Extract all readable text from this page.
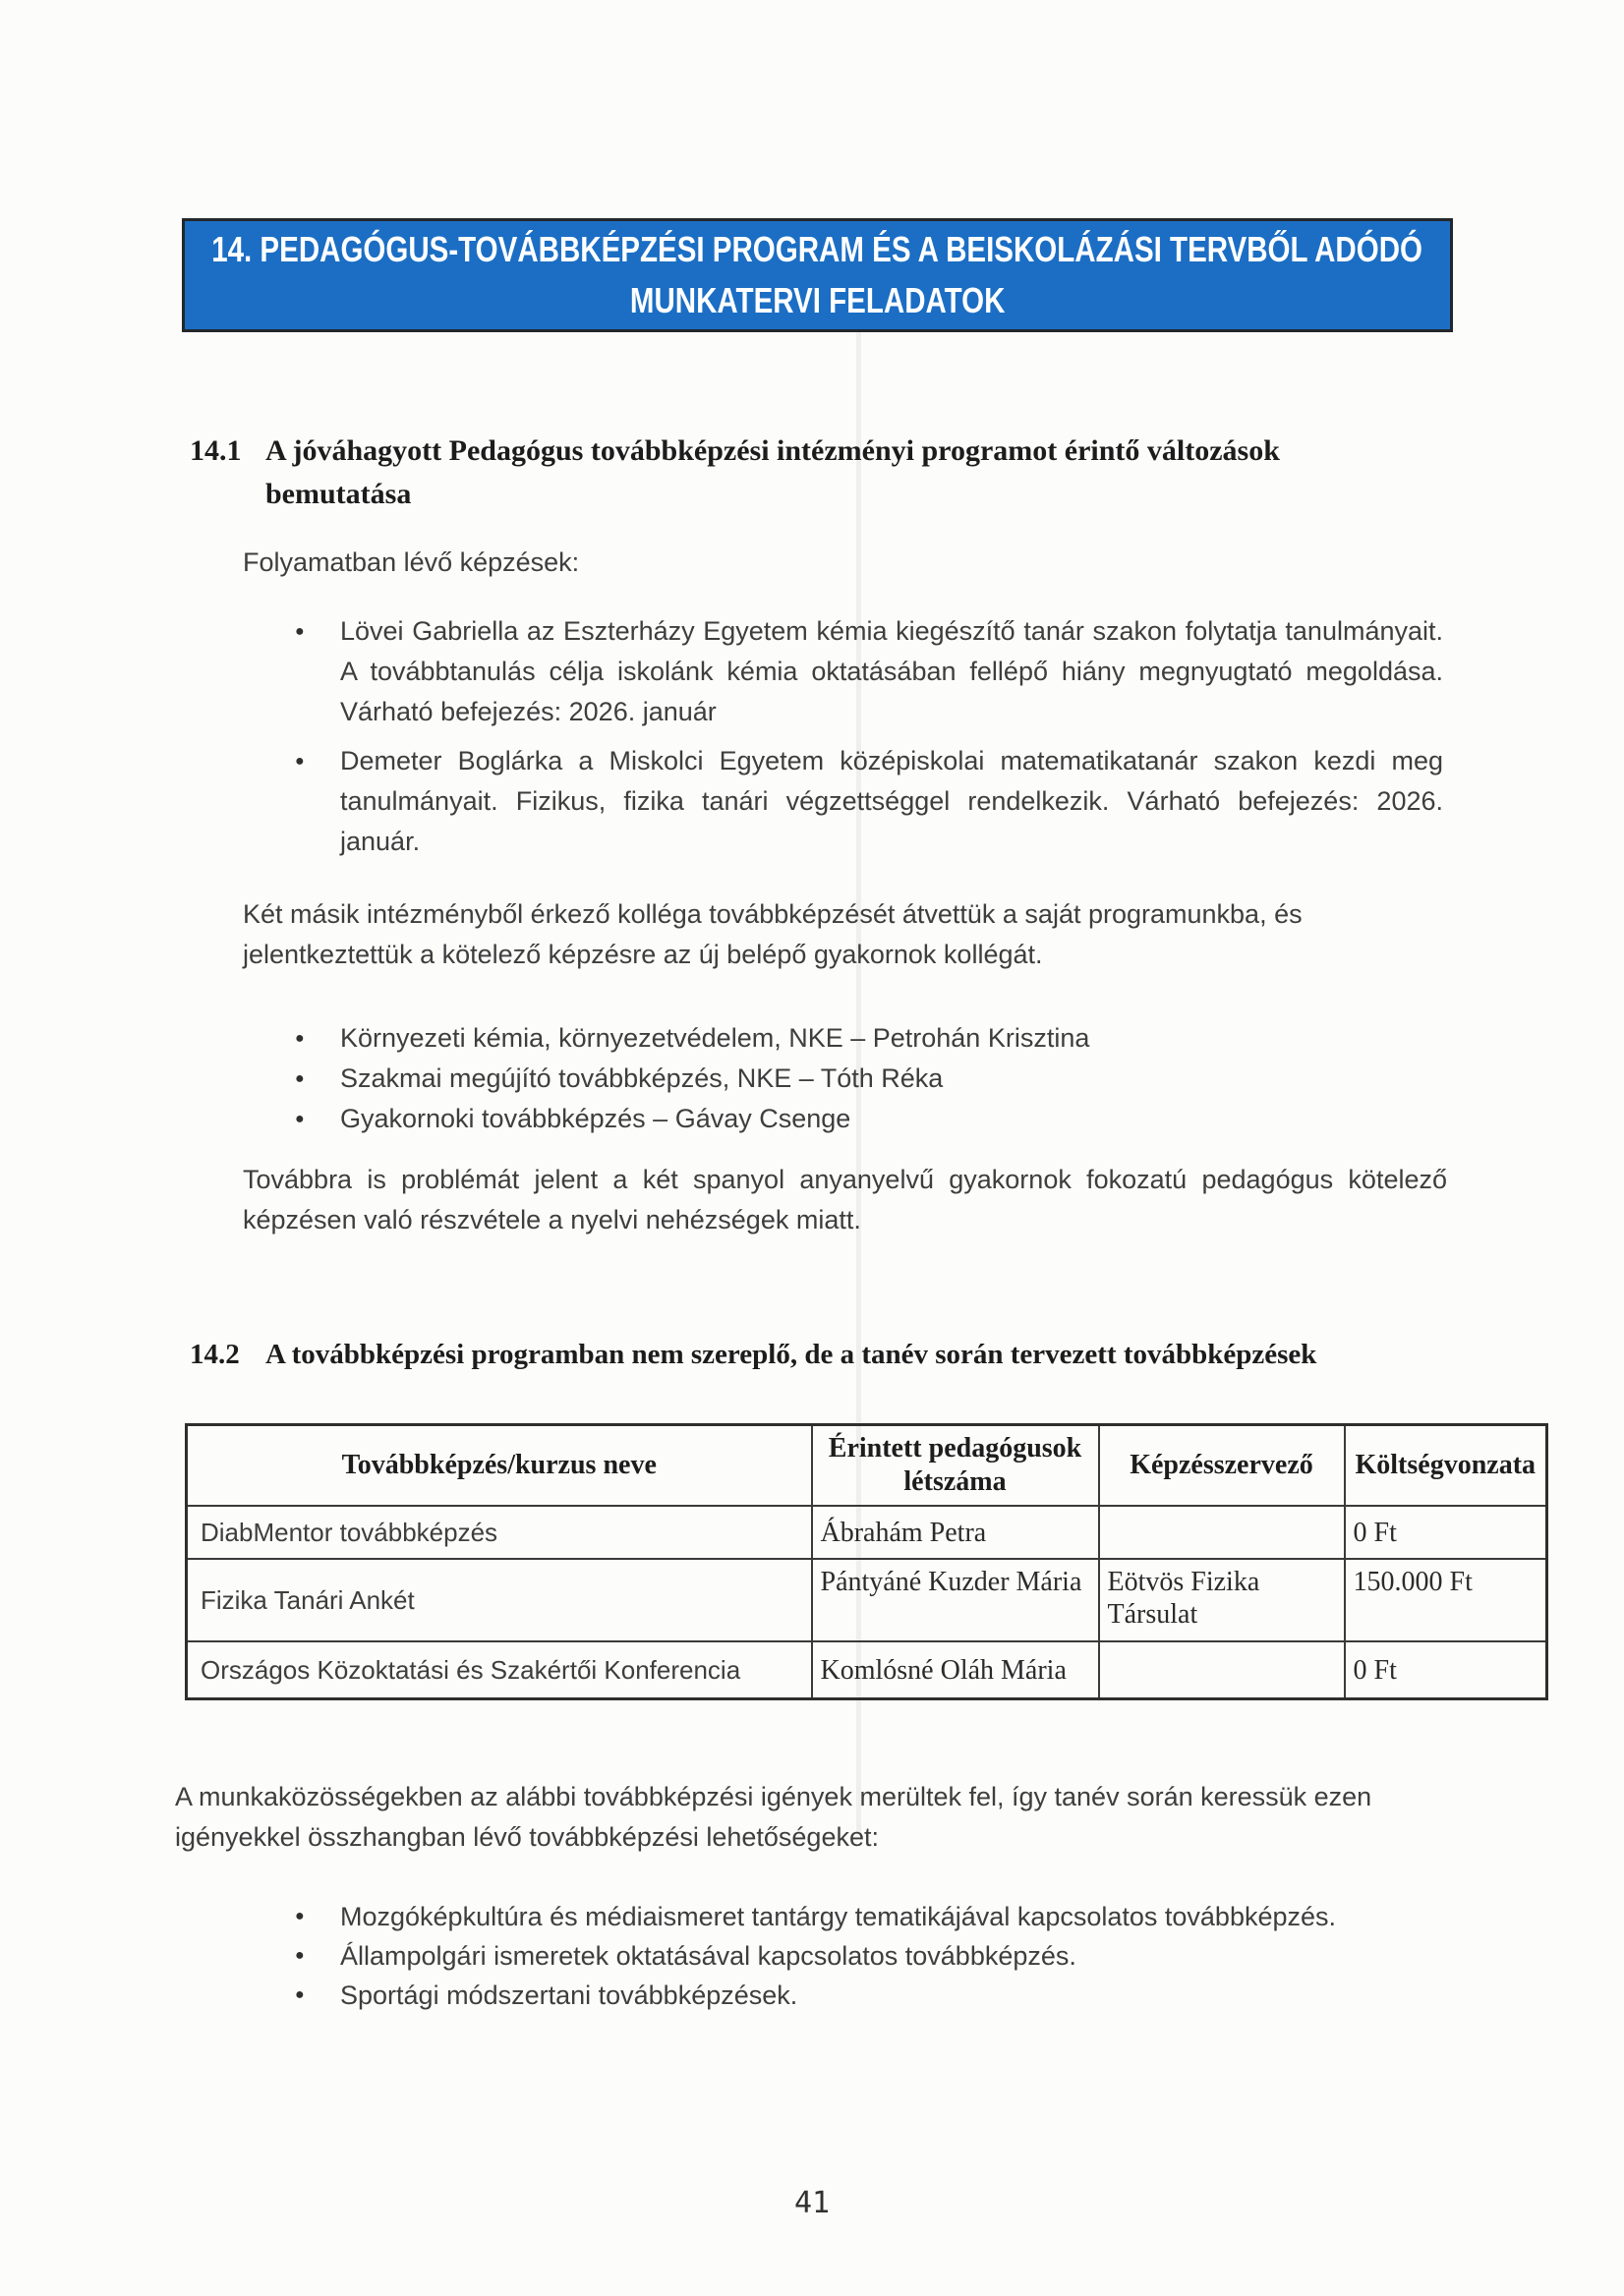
14. PEDAGÓGUS-TOVÁBBKÉPZÉSI PROGRAM ÉS A BEISKOLÁZÁSI TERVBŐL ADÓDÓ
MUNKATERVI FELADATOK
14.1 A jóváhagyott Pedagógus továbbképzési intézményi programot érintő változások bemutatása
Folyamatban lévő képzések:
●	Lövei Gabriella az Eszterházy Egyetem kémia kiegészítő tanár szakon folytatja tanulmányait. A továbbtanulás célja iskolánk kémia oktatásában fellépő hiány megnyugtató megoldása. Várható befejezés: 2026. január
●	Demeter Boglárka a Miskolci Egyetem középiskolai matematikatanár szakon kezdi meg tanulmányait. Fizikus, fizika tanári végzettséggel rendelkezik. Várható befejezés: 2026. január.
Két másik intézményből érkező kolléga továbbképzését átvettük a saját programunkba, és jelentkeztettük a kötelező képzésre az új belépő gyakornok kollégát.
●	Környezeti kémia, környezetvédelem, NKE – Petrohán Krisztina
●	Szakmai megújító továbbképzés, NKE – Tóth Réka
●	Gyakornoki továbbképzés – Gávay Csenge
Továbbra is problémát jelent a két spanyol anyanyelvű gyakornok fokozatú pedagógus kötelező képzésen való részvétele a nyelvi nehézségek miatt.
14.2 A továbbképzési programban nem szereplő, de a tanév során tervezett továbbképzések
Továbbképzés/kurzus neve	Érintett pedagógusok létszáma	Képzésszervező	Költségvonzata
DiabMentor továbbképzés	Ábrahám Petra		0 Ft
Fizika Tanári Ankét	Pántyáné Kuzder Mária	Eötvös Fizika Társulat	150.000 Ft
Országos Közoktatási és Szakértői Konferencia	Komlósné Oláh Mária		0 Ft
A munkaközösségekben az alábbi továbbképzési igények merültek fel, így tanév során keressük ezen igényekkel összhangban lévő továbbképzési lehetőségeket:
●	Mozgóképkultúra és médiaismeret tantárgy tematikájával kapcsolatos továbbképzés.
●	Állampolgári ismeretek oktatásával kapcsolatos továbbképzés.
●	Sportági módszertani továbbképzések.
41
